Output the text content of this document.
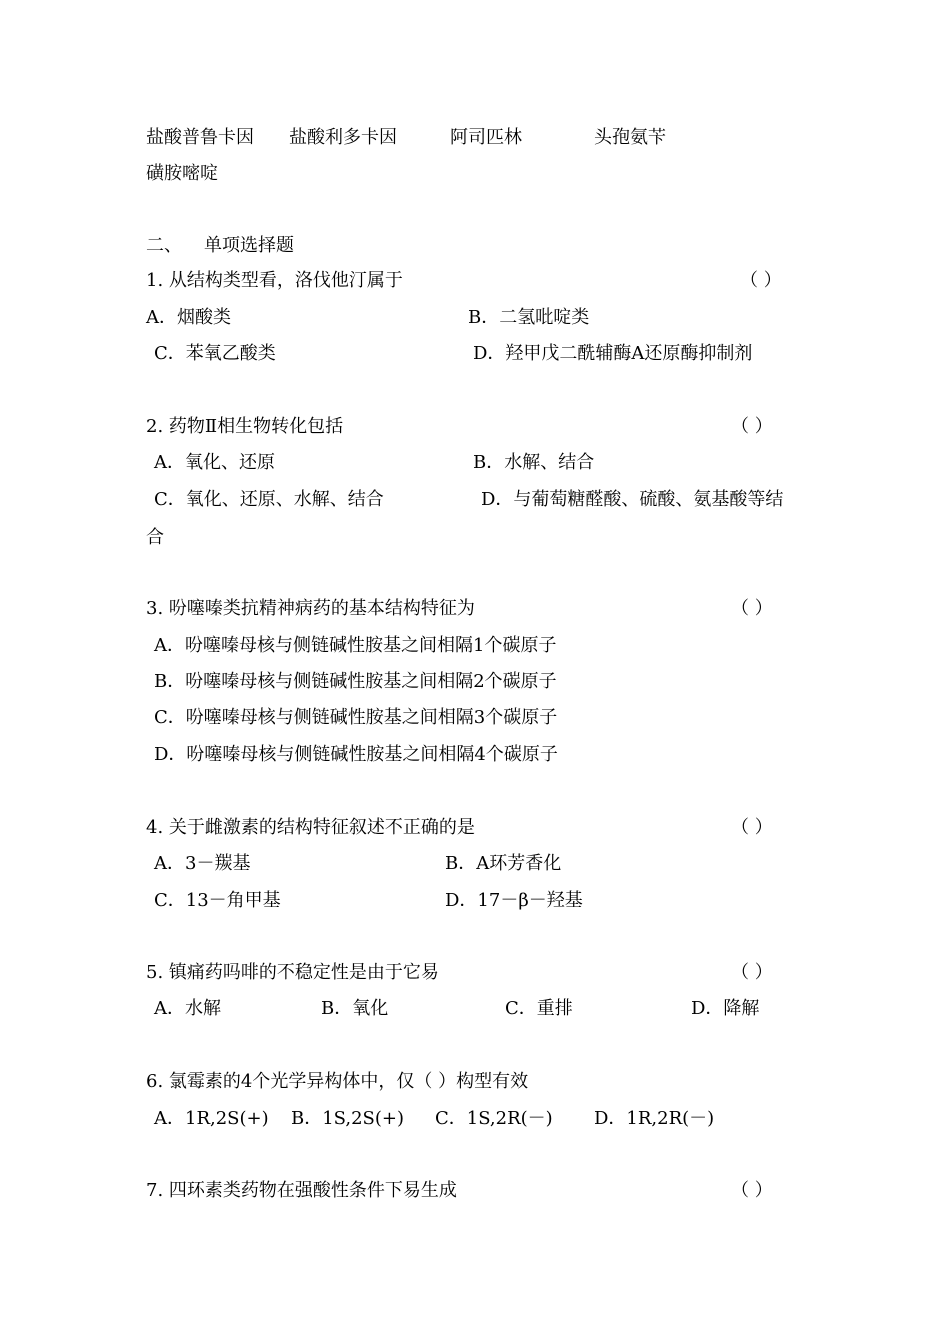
盐酸普鲁卡因 盐酸利多卡因	阿司匹林	头孢氨苄
磺胺嘧啶
二、 单项选择题
1. 从结构类型看，洛伐他汀属于	（ ）
A．烟酸类	B．二氢吡啶类
C．苯氧乙酸类	D．羟甲戊二酰辅酶A还原酶抑制剂
2. 药物Ⅱ相生物转化包括	（ ）
A．氧化、还原	B．水解、结合
C．氧化、还原、水解、结合	D．与葡萄糖醛酸、硫酸、氨基酸等结
合
3. 吩噻嗪类抗精神病药的基本结构特征为	（ ）
A．吩噻嗪母核与侧链碱性胺基之间相隔1个碳原子
B．吩噻嗪母核与侧链碱性胺基之间相隔2个碳原子
C．吩噻嗪母核与侧链碱性胺基之间相隔3个碳原子
D．吩噻嗪母核与侧链碱性胺基之间相隔4个碳原子
4. 关于雌激素的结构特征叙述不正确的是	（ ）
A．3－羰基	B．A环芳香化
C．13－角甲基	D．17－β－羟基
5. 镇痛药吗啡的不稳定性是由于它易	（ ）
A．水解	B．氧化	C．重排	D．降解
6. 氯霉素的4个光学异构体中，仅（ ）构型有效
A．1R,2S(+) B．1S,2S(+) C．1S,2R(－) D．1R,2R(－)
7. 四环素类药物在强酸性条件下易生成	（ ）
